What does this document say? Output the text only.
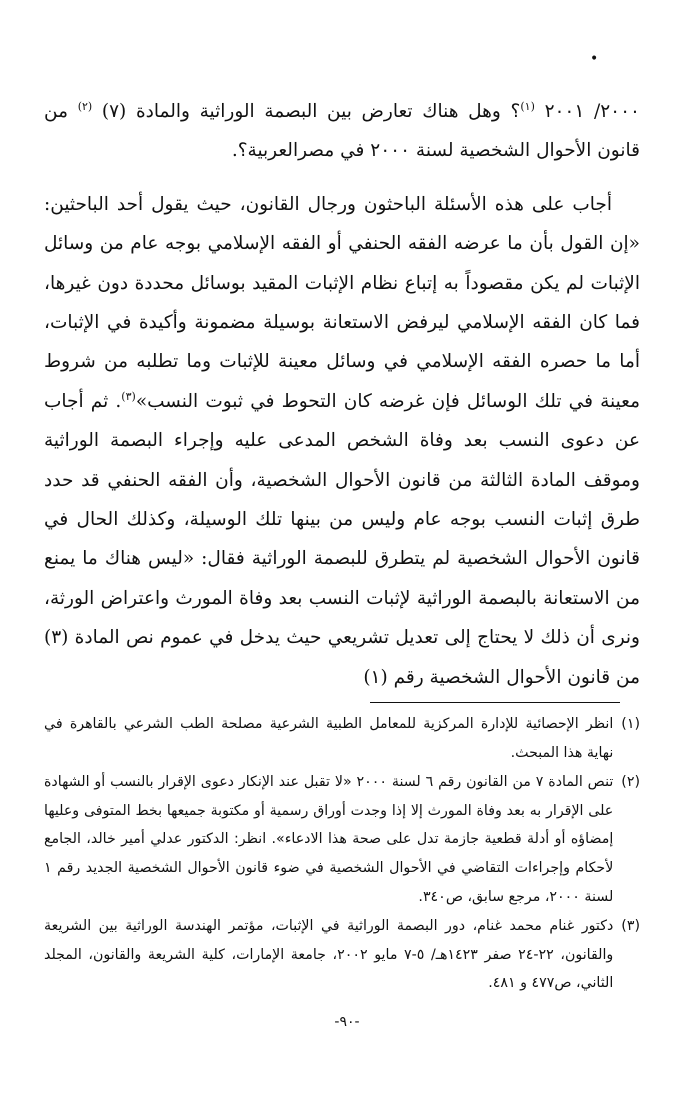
•

٢٠٠٠/ ٢٠٠١ $^{(١)}$؟ وهل هناك تعارض بين البصمة الوراثية والمادة (٧) $^{(٢)}$ من قانون الأحوال الشخصية لسنة ٢٠٠٠ في مصرالعربية؟.

أجاب على هذه الأسئلة الباحثون ورجال القانون، حيث يقول أحد الباحثين: «إن القول بأن ما عرضه الفقه الحنفي أو الفقه الإسلامي بوجه عام من وسائل الإثبات لم يكن مقصوداً به إتباع نظام الإثبات المقيد بوسائل محددة دون غيرها، فما كان الفقه الإسلامي ليرفض الاستعانة بوسيلة مضمونة وأكيدة في الإثبات، أما ما حصره الفقه الإسلامي في وسائل معينة للإثبات وما تطلبه من شروط معينة في تلك الوسائل فإن غرضه كان التحوط في ثبوت النسب»$^{(٣)}$. ثم أجاب عن دعوى النسب بعد وفاة الشخص المدعى عليه وإجراء البصمة الوراثية وموقف المادة الثالثة من قانون الأحوال الشخصية، وأن الفقه الحنفي قد حدد طرق إثبات النسب بوجه عام وليس من بينها تلك الوسيلة، وكذلك الحال في قانون الأحوال الشخصية لم يتطرق للبصمة الوراثية فقال: «ليس هناك ما يمنع من الاستعانة بالبصمة الوراثية لإثبات النسب بعد وفاة المورث واعتراض الورثة، ونرى أن ذلك لا يحتاج إلى تعديل تشريعي حيث يدخل في عموم نص المادة (٣) من قانون الأحوال الشخصية رقم (١)

(١)
انظر الإحصائية للإدارة المركزية للمعامل الطبية الشرعية مصلحة الطب الشرعي بالقاهرة في نهاية هذا المبحث.
(٢)
تنص المادة ٧ من القانون رقم ٦ لسنة ٢٠٠٠ «لا تقبل عند الإنكار دعوى الإقرار بالنسب أو الشهادة على الإقرار به بعد وفاة المورث إلا إذا وجدت أوراق رسمية أو مكتوبة جميعها بخط المتوفى وعليها إمضاؤه أو أدلة قطعية جازمة تدل على صحة هذا الادعاء». انظر: الدكتور عدلي أمير خالد، الجامع لأحكام وإجراءات التقاضي في الأحوال الشخصية في ضوء قانون الأحوال الشخصية الجديد رقم ١ لسنة ٢٠٠٠، مرجع سابق، ص٣٤٠.
(٣)
دكتور غنام محمد غنام، دور البصمة الوراثية في الإثبات، مؤتمر الهندسة الوراثية بين الشريعة والقانون، ٢٢-٢٤ صفر ١٤٢٣هـ/ ٥-٧ مايو ٢٠٠٢، جامعة الإمارات، كلية الشريعة والقانون، المجلد الثاني، ص٤٧٧ و ٤٨١.
-٩٠-
